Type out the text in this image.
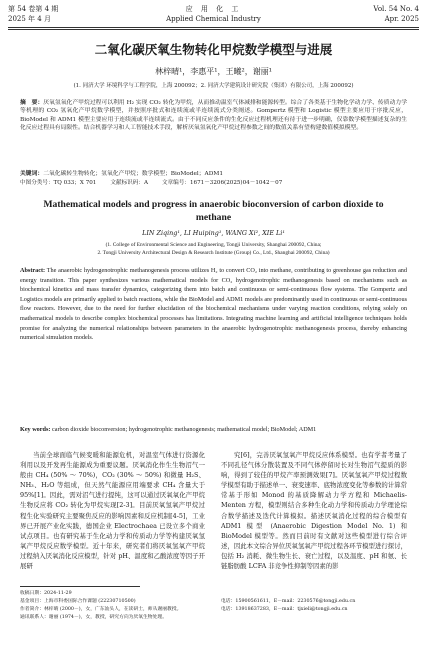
第 54 卷第 4 期	应 用 化 工	Vol. 54 No. 4
2025 年 4 月	Applied Chemical Industry	Apr. 2025
二氧化碳厌氧生物转化甲烷数学模型与进展
林梓晴¹，李惠平¹，王曦²，谢丽¹
(1. 同济大学 环境科学与工程学院，上海 200092；2. 同济大学建筑设计研究院（集团）有限公司，上海 200092)
摘　要：厌氧氢氧化产甲烷过程可以利用 H₂ 实现 CO₂ 转化为甲烷，从而推动温室气体减排和能源转型。综合了各类基于生物化学动力学、传质动力学等机理的 CO₂ 氢氧化产甲烷数学模型，并按照序批式和连续流或半连续流式分类阐述。Gompertz 模型和 Logistic 模型主要应用于序批反应，BioModel 和 ADM1 模型主要应用于连续流或半连续流式。由于不同反应条件的生化反应过程机理还有待于进一步明确，仅靠数学模型描述复杂的生化反应过程具有局限性。结合机器学习和人工智能技术手段，解析厌氧氢氧化产甲烷过程参数之间的数值关系有望构建数值模拟模型。
关键词：二氧化碳转生物转化；氢氧化产甲烷；数学模型；BioModel；ADM1
中图分类号：TQ 033；X 701	文献标识码：A	文章编号：1671－3206(2025)04－1042－07
Mathematical models and progress in anaerobic bioconversion of carbon dioxide to methane
LIN Ziqing¹, LI Huiping¹, WANG Xi², XIE Li¹
(1. College of Environmental Science and Engineering, Tongji University, Shanghai 200092, China;
2. Tongji University Architectural Design & Research Institute (Group) Co., Ltd., Shanghai 200092, China)
Abstract: The anaerobic hydrogenotrophic methanogenesis process utilizes H₂ to convert CO₂ into methane, contributing to greenhouse gas reduction and energy transition. This paper synthesizes various mathematical models for CO₂ hydrogenotrophic methanogenesis based on mechanisms such as biochemical kinetics and mass transfer dynamics, categorizing them into batch and continuous or semi-continuous flow systems. The Gompertz and Logistics models are primarily applied to batch reactions, while the BioModel and ADM1 models are predominantly used in continuous or semi-continuous flow reactors. However, due to the need for further elucidation of the biochemical mechanisms under varying reaction conditions, relying solely on mathematical models to describe complex biochemical processes has limitations. Integrating machine learning and artificial intelligence techniques holds promise for analyzing the numerical relationships between parameters in the anaerobic hydrogenotrophic methanogenesis process, thereby enhancing numerical simulation models.
Key words: carbon dioxide bioconversion; hydrogenotrophic methanogenesis; mathematical model; BioModel; ADM1
当前全球面临气候变暖和能源危机，对温室气体进行资源化利用以及开发再生能源成为重要议题。厌氧消化作生生物沼气一般由 CH₄ (50% ～ 70%)，CO₂ (30% ～ 50%) 和微量 H₂S、NH₃、H₂O 等组成，但天然气能源应用端要求 CH₄ 含量大于 95%[1]。因此，需对沼气进行提纯，这可以通过厌氧氧化产甲烷生物反应将 CO₂ 转化为甲烷实现[2-3]。目前厌氧氢氧产甲烷过程生化实验研究主要聚焦反应的影响因素和反应机制[4-5]，工业界已开展产业化实践，德国企业 Electrochaea 已设立多个商业试点项目。也有研究基于生化动力学和传质动力学等构建厌氧氢氧产甲烷反应数学模型。近十年来，研究者们将厌氧氢氧产甲烷过程纳入厌氧消化反应模型，针对 pH、温度和乙酸浓度等因子开展研
究[6]，完善厌氧氢氧产甲烷反应体系模型。也有学者考量了不同孔径气体分散装置及不同气体停留时长对生物沼气提质的影响，得到了较佳的甲烷产率预测效果[7]。厌氧氢氧产甲烷过程数学模型有助于描述单一、衰变速率、底物浓度变化等参数的计算常常基于形如 Monod 的基质降解动力学方程和 Michaelis-Menten 方程，模型则结合多种生化动力学和传质动力学理论综合数学描述及迭代计算模拟。描述厌氧消化过程的综合模型有 ADM1 模型 (Anaerobic Digestion Model No. 1) 和 BioModel 模型等。然而目前时有文献对这些模型进行综合评述，因此本文综合异位厌氧氢氧产甲烷过程各环节模型进行探讨，包括 H₂ 消耗、微生物生长、衰亡过程，以及温度、pH 和氨、长链脂肪酸 LCFA 非竞争性抑制等因素的影
收稿日期：2024-11-29
基金项目：上海市科委国际合作课题 (22230710500)
作者简介：林梓晴 (2000－)，女，广东汕头人，在读研士，师从谢丽教授。
通讯联系人：谢丽 (1974－)，女，教授，研究方向为厌氧生物处理。
电话：15900561611，E－mail：2230576@tongji.edu.cn
电话：13918637283，E－mail：tjxieli@tongji.edu.cn
